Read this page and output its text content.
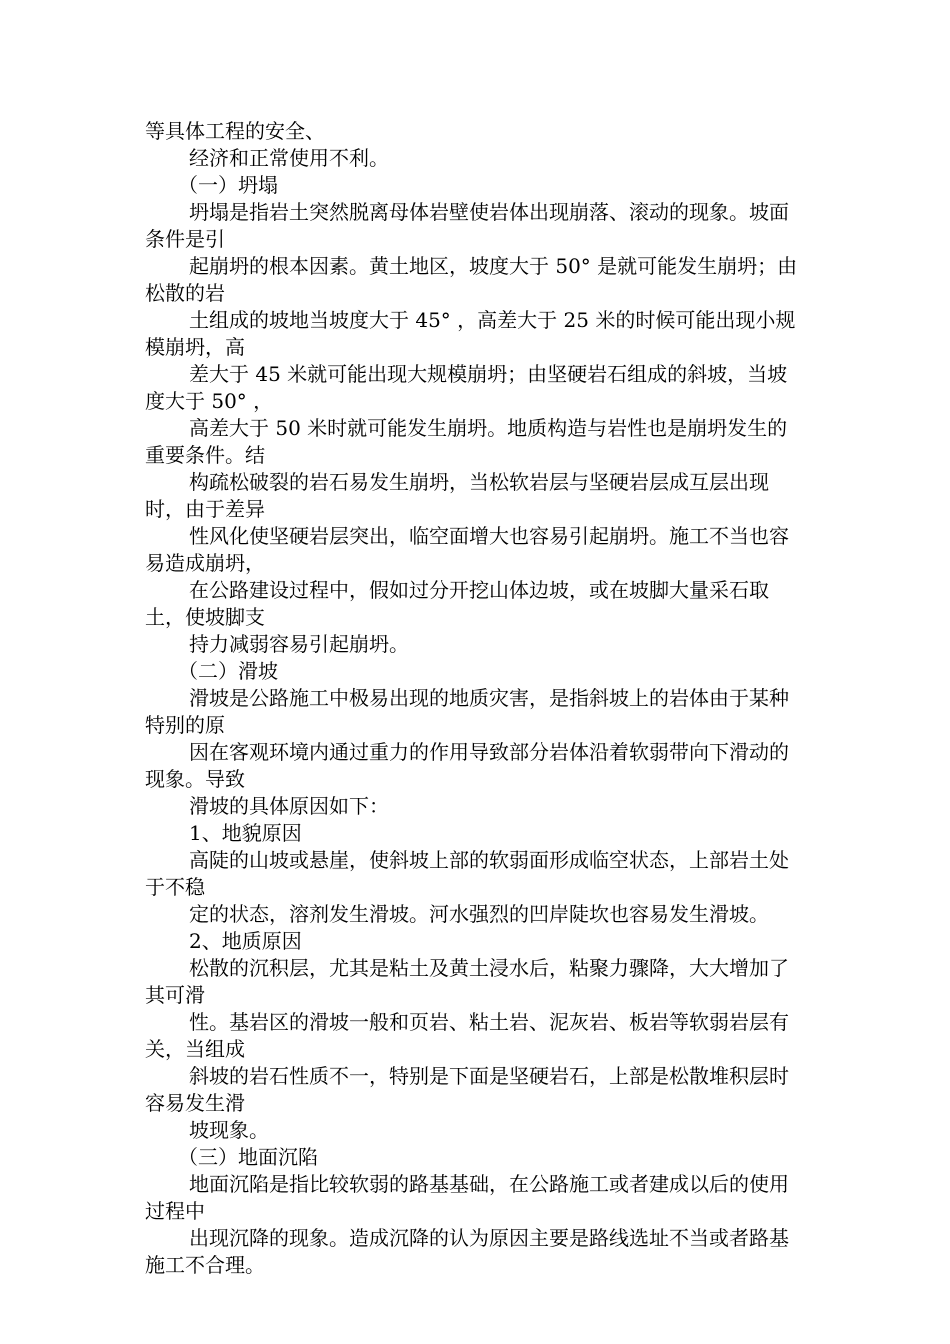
等具体工程的安全、

经济和正常使用不利。

（一）坍塌

坍塌是指岩土突然脱离母体岩壁使岩体出现崩落、滚动的现象。坡面条件是引

起崩坍的根本因素。黄土地区，坡度大于 50° 是就可能发生崩坍；由松散的岩

土组成的坡地当坡度大于 45° ，高差大于 25 米的时候可能出现小规模崩坍，高

差大于 45 米就可能出现大规模崩坍；由坚硬岩石组成的斜坡，当坡度大于 50° ，

高差大于 50 米时就可能发生崩坍。地质构造与岩性也是崩坍发生的重要条件。结

构疏松破裂的岩石易发生崩坍，当松软岩层与坚硬岩层成互层出现时，由于差异

性风化使坚硬岩层突出，临空面增大也容易引起崩坍。施工不当也容易造成崩坍，

在公路建设过程中，假如过分开挖山体边坡，或在坡脚大量采石取土，使坡脚支

持力减弱容易引起崩坍。

（二）滑坡

滑坡是公路施工中极易出现的地质灾害，是指斜坡上的岩体由于某种特别的原

因在客观环境内通过重力的作用导致部分岩体沿着软弱带向下滑动的现象。导致

滑坡的具体原因如下：

1、地貌原因

高陡的山坡或悬崖，使斜坡上部的软弱面形成临空状态，上部岩土处于不稳

定的状态，溶剂发生滑坡。河水强烈的凹岸陡坎也容易发生滑坡。

2、地质原因

松散的沉积层，尤其是粘土及黄土浸水后，粘聚力骤降，大大增加了其可滑

性。基岩区的滑坡一般和页岩、粘土岩、泥灰岩、板岩等软弱岩层有关，当组成

斜坡的岩石性质不一，特别是下面是坚硬岩石，上部是松散堆积层时容易发生滑

坡现象。

（三）地面沉陷

地面沉陷是指比较软弱的路基基础，在公路施工或者建成以后的使用过程中

出现沉降的现象。造成沉降的认为原因主要是路线选址不当或者路基施工不合理。
